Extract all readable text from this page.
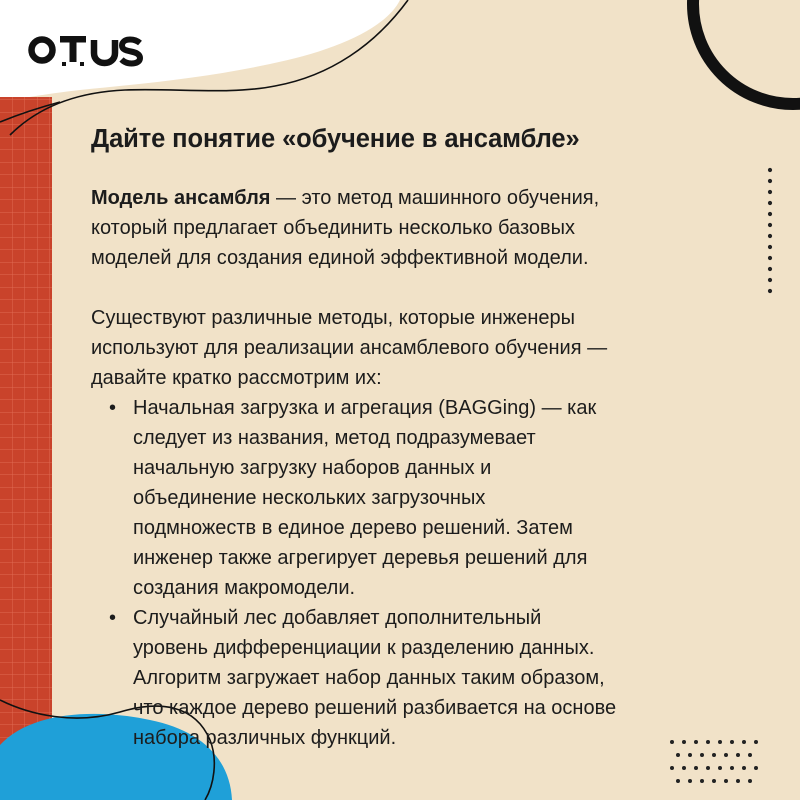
Дайте понятие «обучение в ансамбле»

Модель ансамбля — это метод машинного обучения,
который предлагает объединить несколько базовых
моделей для создания единой эффективной модели.

Существуют различные методы, которые инженеры
используют для реализации ансамблевого обучения —
давайте кратко рассмотрим их:

• Начальная загрузка и агрегация (BAGGing) — как
следует из названия, метод подразумевает
начальную загрузку наборов данных и
объединение нескольких загрузочных
подмножеств в единое дерево решений. Затем
инженер также агрегирует деревья решений для
создания макромодели.
• Случайный лес добавляет дополнительный
уровень дифференциации к разделению данных.
Алгоритм загружает набор данных таким образом,
что каждое дерево решений разбивается на основе
набора различных функций.
